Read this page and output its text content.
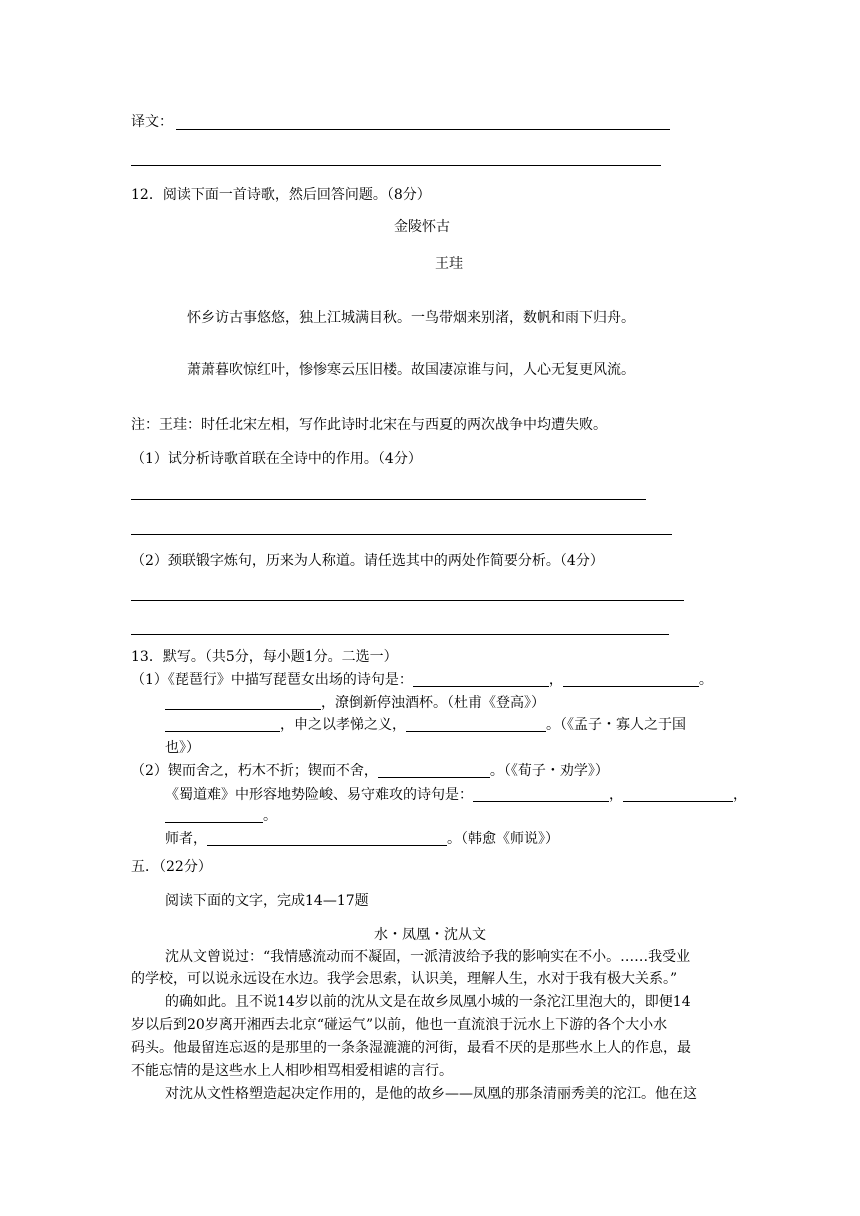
译文：
12．阅读下面一首诗歌，然后回答问题。（8分）
金陵怀古
王珪
怀乡访古事悠悠，独上江城满目秋。一鸟带烟来别渚，数帆和雨下归舟。
萧萧暮吹惊红叶，惨惨寒云压旧楼。故国凄凉谁与问，人心无复更风流。
注：王珪：时任北宋左相，写作此诗时北宋在与西夏的两次战争中均遭失败。
（1）试分析诗歌首联在全诗中的作用。（4分）
（2）颈联锻字炼句，历来为人称道。请任选其中的两处作简要分析。（4分）
13．默写。（共5分，每小题1分。二选一）
（1）《琵琶行》中描写琵琶女出场的诗句是：	，	。
，潦倒新停浊酒杯。（杜甫《登高》）
，申之以孝悌之义，	。（《孟子・寡人之于国
也》）
（2）锲而舍之，朽木不折；锲而不舍，	。（《荀子・劝学》）
《蜀道难》中形容地势险峻、易守难攻的诗句是：	，	，
。
师者，	。（韩愈《师说》）
五．（22分）
阅读下面的文字，完成14—17题
水・凤凰・沈从文
沈从文曾说过：“我情感流动而不凝固，一派清波给予我的影响实在不小。……我受业
的学校，可以说永远设在水边。我学会思索，认识美，理解人生，水对于我有极大关系。”
的确如此。且不说14岁以前的沈从文是在故乡凤凰小城的一条沱江里泡大的，即便14
岁以后到20岁离开湘西去北京“碰运气”以前，他也一直流浪于沅水上下游的各个大小水
码头。他最留连忘返的是那里的一条条湿漉漉的河街，最看不厌的是那些水上人的作息，最
不能忘情的是这些水上人相吵相骂相爱相谑的言行。
对沈从文性格塑造起决定作用的，是他的故乡——凤凰的那条清丽秀美的沱江。他在这
